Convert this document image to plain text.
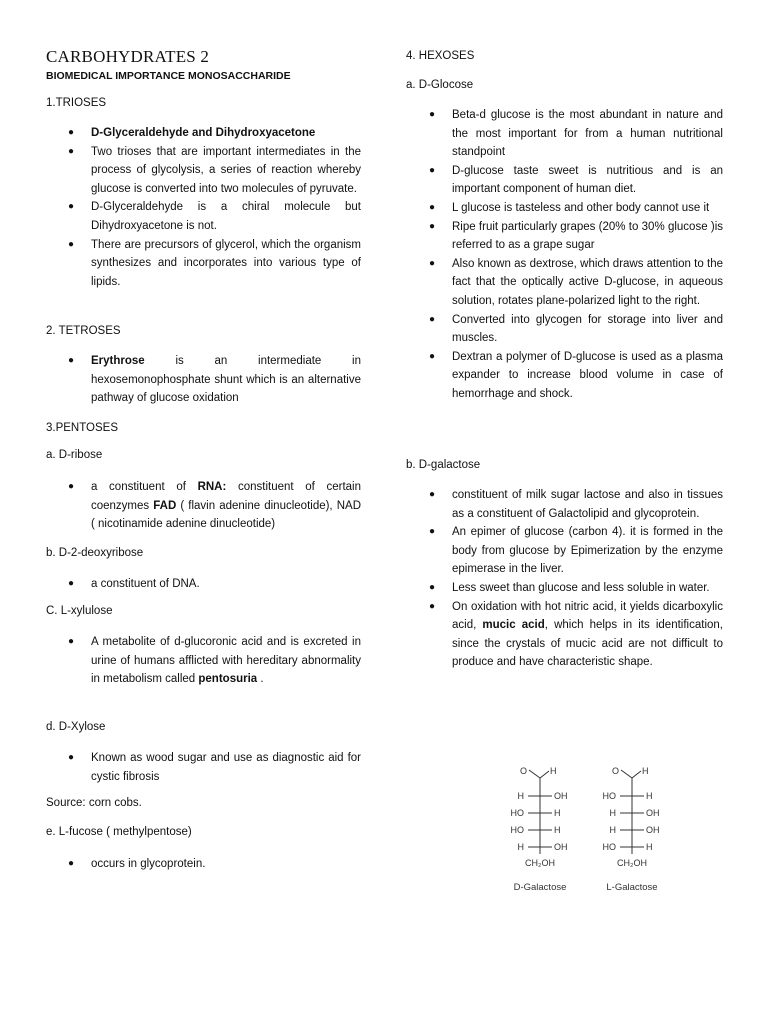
CARBOHYDRATES 2
BIOMEDICAL IMPORTANCE MONOSACCHARIDE
1.TRIOSES
● D-Glyceraldehyde and Dihydroxyacetone
● Two trioses that are important intermediates in the process of glycolysis, a series of reaction whereby glucose is converted into two molecules of pyruvate.
● D-Glyceraldehyde is a chiral molecule but Dihydroxyacetone is not.
● There are precursors of glycerol, which the organism synthesizes and incorporates into various type of lipids.
2. TETROSES
● Erythrose	is an intermediate in hexosemonophosphate shunt which is an alternative pathway of glucose oxidation
3.PENTOSES
a. D-ribose
● a constituent of RNA: constituent of certain coenzymes FAD ( flavin adenine dinucleotide), NAD ( nicotinamide adenine dinucleotide)
b. D-2-deoxyribose
● a constituent of DNA.
C. L-xylulose
● A metabolite of d-glucoronic acid and is excreted in urine of humans afflicted with hereditary abnormality in metabolism called pentosuria .
d. D-Xylose
● Known as wood sugar and use as diagnostic aid for cystic fibrosis
Source: corn cobs.
e. L-fucose ( methylpentose)
● occurs in glycoprotein.
4. HEXOSES
a. D-Glocose
● Beta-d glucose is the most abundant in nature and the most important for from a human nutritional standpoint
● D-glucose taste sweet is nutritious and is an important component of human diet.
● L glucose is tasteless and other body cannot use it
● Ripe fruit particularly grapes (20% to 30% glucose )is referred to as a grape sugar
● Also known as dextrose, which draws attention to the fact that the optically active D-glucose, in aqueous solution, rotates plane-polarized light to the right.
● Converted into glycogen for storage into liver and muscles.
● Dextran a polymer of D-glucose is used as a plasma expander to increase blood volume in case of hemorrhage and shock.
b. D-galactose
● constituent of milk sugar lactose and also in tissues as a constituent of Galactolipid and glycoprotein.
● An epimer of glucose (carbon 4). it is formed in the body from glucose by Epimerization by the enzyme epimerase in the liver.
● Less sweet than glucose and less soluble in water.
● On oxidation with hot nitric acid, it yields dicarboxylic acid, mucic acid, which helps in its identification, since the crystals of mucic acid are not difficult to produce and have characteristic shape.
O	H
H	OH
HO	H
HO	H
H	OH
CH₂OH
D-Galactose
O	H
HO	H
H	OH
H	OH
HO	H
CH₂OH
L-Galactose
